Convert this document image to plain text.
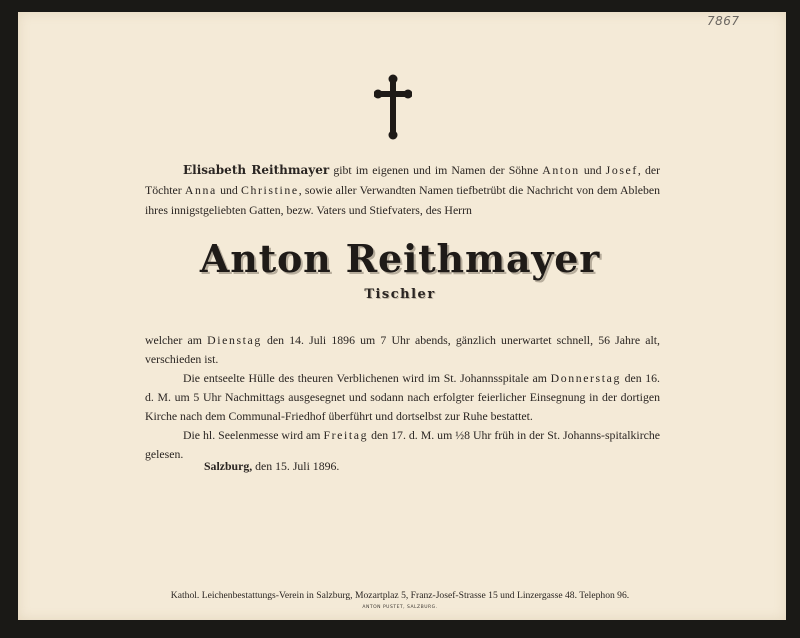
7867

Elisabeth Reithmayer gibt im eigenen und im Namen der Söhne Anton und Josef, der Töchter Anna und Christine, sowie aller Verwandten Namen tiefbetrübt die Nachricht von dem Ableben ihres innigstgeliebten Gatten, bezw. Vaters und Stiefvaters, des Herrn

Anton Reithmayer
Tischler

welcher am Dienstag den 14. Juli 1896 um 7 Uhr abends, gänzlich unerwartet schnell, 56 Jahre alt, verschieden ist.

Die entseelte Hülle des theuren Verblichenen wird im St. Johannsspitale am Donnerstag den 16. d. M. um 5 Uhr Nachmittags ausgesegnet und sodann nach erfolgter feierlicher Einsegnung in der dortigen Kirche nach dem Communal-Friedhof überführt und dortselbst zur Ruhe bestattet.

Die hl. Seelenmesse wird am Freitag den 17. d. M. um ½8 Uhr früh in der St. Johanns-spitalkirche gelesen.

Salzburg, den 15. Juli 1896.
Kathol. Leichenbestattungs-Verein in Salzburg, Mozartplaz 5, Franz-Josef-Strasse 15 und Linzergasse 48. Telephon 96.
ANTON PUSTET, SALZBURG.
